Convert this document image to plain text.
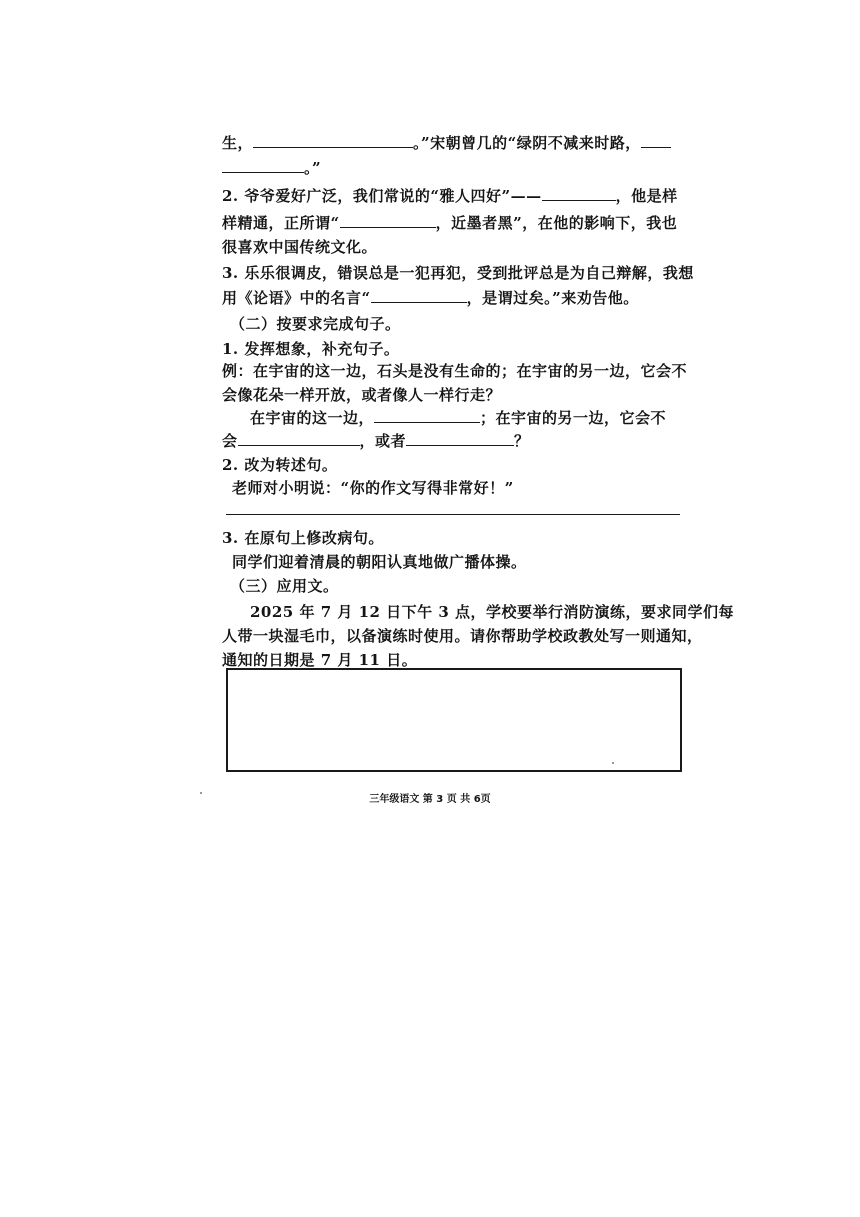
生，	。”宋朝曾几的“绿阴不减来时路，
。”
2. 爷爷爱好广泛，我们常说的“雅人四好”——	，他是样
样精通，正所谓“	，近墨者黑”，在他的影响下，我也
很喜欢中国传统文化。
3. 乐乐很调皮，错误总是一犯再犯，受到批评总是为自己辩解，我想
用《论语》中的名言“	，是谓过矣。”来劝告他。
（二）按要求完成句子。
1. 发挥想象，补充句子。
例：在宇宙的这一边，石头是没有生命的；在宇宙的另一边，它会不
会像花朵一样开放，或者像人一样行走？
在宇宙的这一边，	；在宇宙的另一边，它会不
会	，或者	？
2. 改为转述句。
老师对小明说：“你的作文写得非常好！”
3. 在原句上修改病句。
同学们迎着清晨的朝阳认真地做广播体操。
（三）应用文。
2025 年 7 月 12 日下午 3 点，学校要举行消防演练，要求同学们每
人带一块湿毛巾，以备演练时使用。请你帮助学校政教处写一则通知，
通知的日期是 7 月 11 日。
三年级语文 第 3 页 共 6页
